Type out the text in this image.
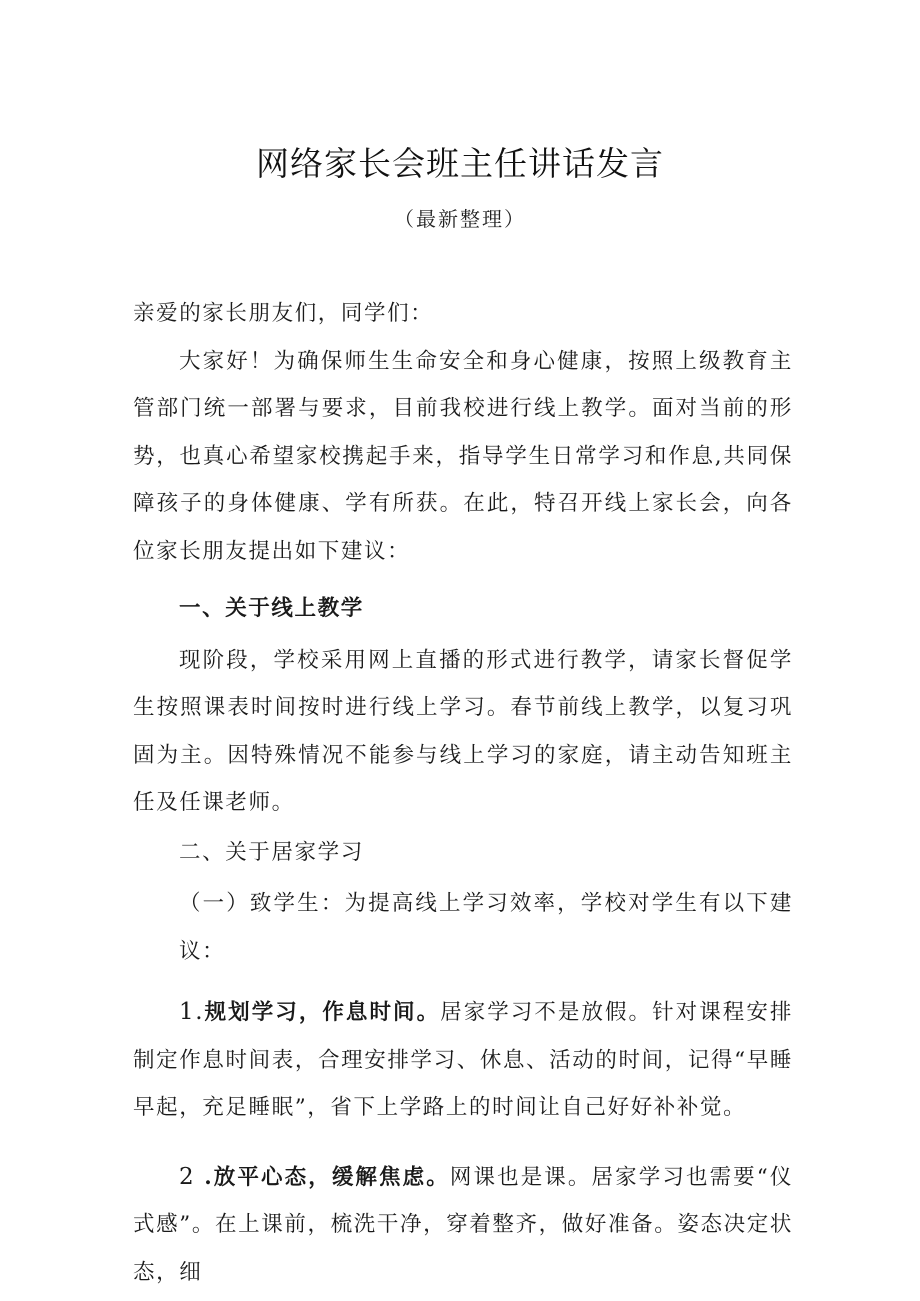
网络家长会班主任讲话发言
（最新整理）

亲爱的家长朋友们，同学们：

大家好！为确保师生生命安全和身心健康，按照上级教育主管部门统一部署与要求，目前我校进行线上教学。面对当前的形势，也真心希望家校携起手来，指导学生日常学习和作息,共同保障孩子的身体健康、学有所获。在此，特召开线上家长会，向各位家长朋友提出如下建议：

一、关于线上教学

现阶段，学校采用网上直播的形式进行教学，请家长督促学生按照课表时间按时进行线上学习。春节前线上教学，以复习巩固为主。因特殊情况不能参与线上学习的家庭，请主动告知班主任及任课老师。

二、关于居家学习

（一）致学生：为提高线上学习效率，学校对学生有以下建议：

1.规划学习，作息时间。居家学习不是放假。针对课程安排制定作息时间表，合理安排学习、休息、活动的时间，记得“早睡早起，充足睡眠”，省下上学路上的时间让自己好好补补觉。

2 .放平心态，缓解焦虑。网课也是课。居家学习也需要“仪式感”。在上课前，梳洗干净，穿着整齐，做好准备。姿态决定状态，细
